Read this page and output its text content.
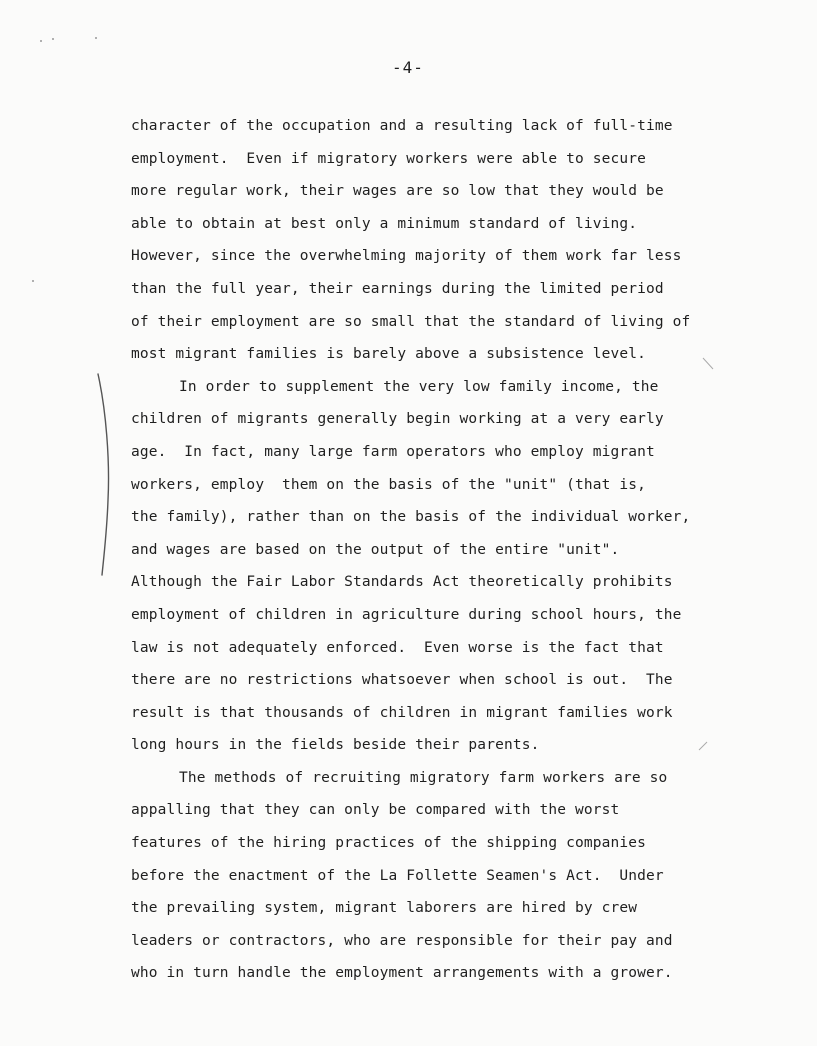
-4-
character of the occupation and a resulting lack of full-time
employment.  Even if migratory workers were able to secure
more regular work, their wages are so low that they would be
able to obtain at best only a minimum standard of living.
However, since the overwhelming majority of them work far less
than the full year, their earnings during the limited period
of their employment are so small that the standard of living of
most migrant families is barely above a subsistence level.
In order to supplement the very low family income, the
children of migrants generally begin working at a very early
age.  In fact, many large farm operators who employ migrant
workers, employ  them on the basis of the "unit" (that is,
the family), rather than on the basis of the individual worker,
and wages are based on the output of the entire "unit".
Although the Fair Labor Standards Act theoretically prohibits
employment of children in agriculture during school hours, the
law is not adequately enforced.  Even worse is the fact that
there are no restrictions whatsoever when school is out.  The
result is that thousands of children in migrant families work
long hours in the fields beside their parents.
The methods of recruiting migratory farm workers are so
appalling that they can only be compared with the worst
features of the hiring practices of the shipping companies
before the enactment of the La Follette Seamen's Act.  Under
the prevailing system, migrant laborers are hired by crew
leaders or contractors, who are responsible for their pay and
who in turn handle the employment arrangements with a grower.
